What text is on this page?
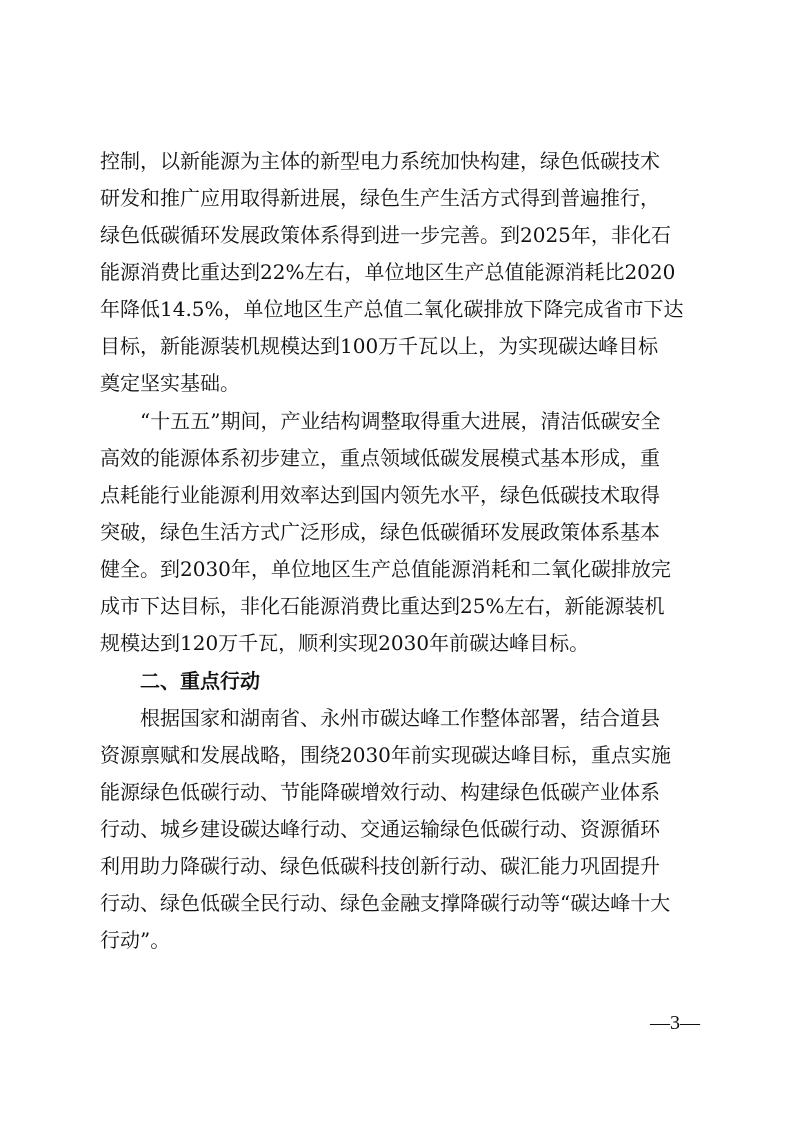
控制，以新能源为主体的新型电力系统加快构建，绿色低碳技术
研发和推广应用取得新进展，绿色生产生活方式得到普遍推行，
绿色低碳循环发展政策体系得到进一步完善。到2025年，非化石
能源消费比重达到22%左右，单位地区生产总值能源消耗比2020
年降低14.5%，单位地区生产总值二氧化碳排放下降完成省市下达
目标，新能源装机规模达到100万千瓦以上，为实现碳达峰目标
奠定坚实基础。
“十五五”期间，产业结构调整取得重大进展，清洁低碳安全
高效的能源体系初步建立，重点领域低碳发展模式基本形成，重
点耗能行业能源利用效率达到国内领先水平，绿色低碳技术取得
突破，绿色生活方式广泛形成，绿色低碳循环发展政策体系基本
健全。到2030年，单位地区生产总值能源消耗和二氧化碳排放完
成市下达目标，非化石能源消费比重达到25%左右，新能源装机
规模达到120万千瓦，顺利实现2030年前碳达峰目标。
二、重点行动
根据国家和湖南省、永州市碳达峰工作整体部署，结合道县
资源禀赋和发展战略，围绕2030年前实现碳达峰目标，重点实施
能源绿色低碳行动、节能降碳增效行动、构建绿色低碳产业体系
行动、城乡建设碳达峰行动、交通运输绿色低碳行动、资源循环
利用助力降碳行动、绿色低碳科技创新行动、碳汇能力巩固提升
行动、绿色低碳全民行动、绿色金融支撑降碳行动等“碳达峰十大
行动”。
—3—
